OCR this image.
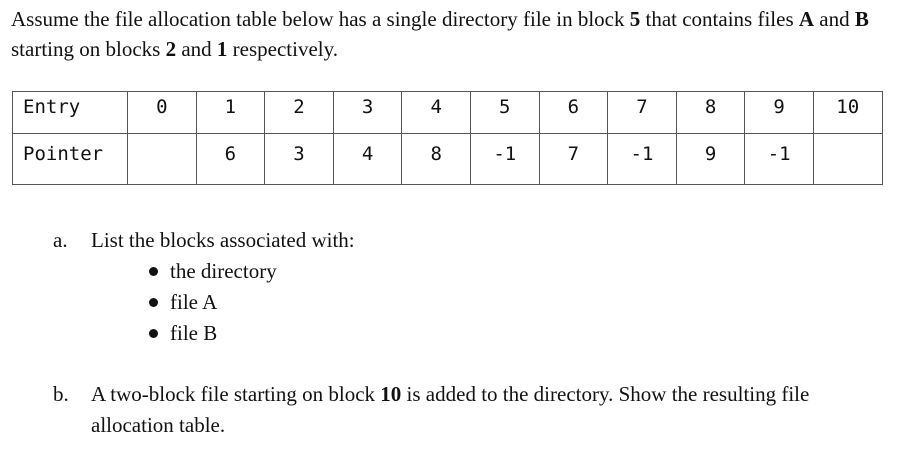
Assume the file allocation table below has a single directory file in block 5 that contains files A and B starting on blocks 2 and 1 respectively.

Entry	0	1	2	3	4	5	6	7	8	9	10
Pointer		6	3	4	8	-1	7	-1	9	-1	
a. List the blocks associated with:
the directory
file A
file B
b. A two-block file starting on block 10 is added to the directory. Show the resulting file allocation table.
